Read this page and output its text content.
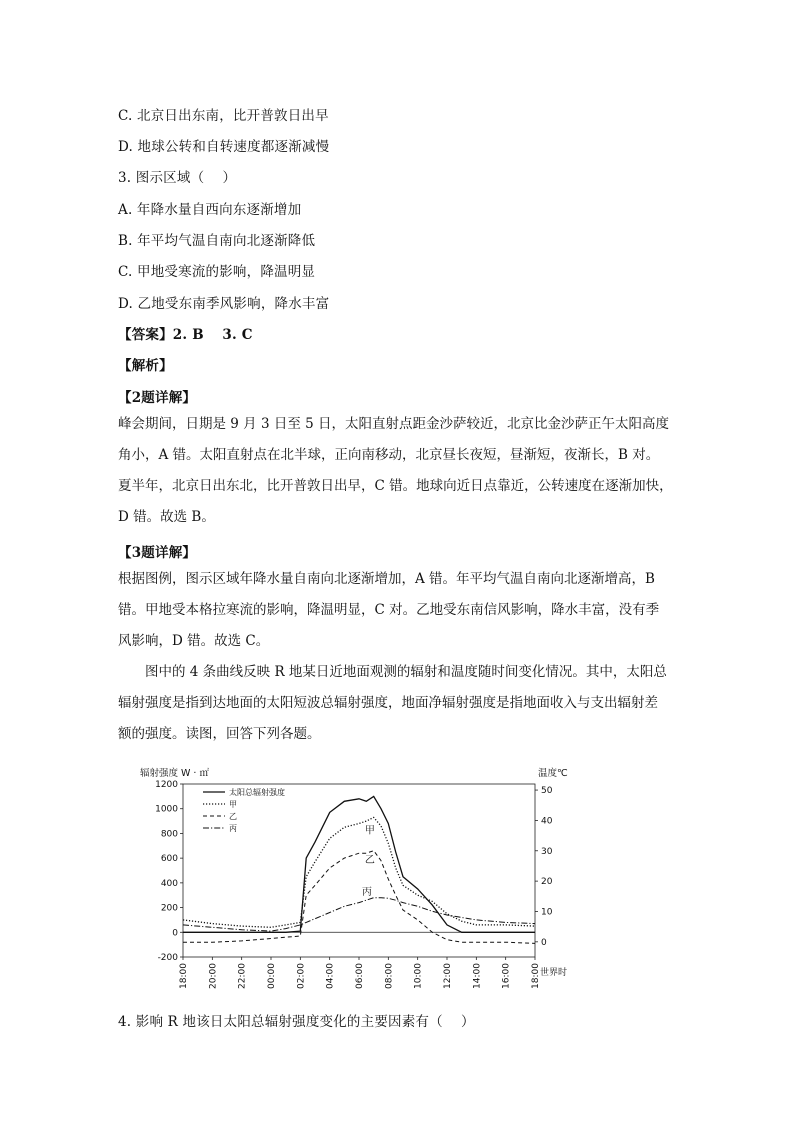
C. 北京日出东南，比开普敦日出早
D. 地球公转和自转速度都逐渐减慢
3. 图示区域（　 ）
A. 年降水量自西向东逐渐增加
B. 年平均气温自南向北逐渐降低
C. 甲地受寒流的影响，降温明显
D. 乙地受东南季风影响，降水丰富
【答案】2. B　 3. C
【解析】
【2题详解】
峰会期间，日期是 9 月 3 日至 5 日，太阳直射点距金沙萨较近，北京比金沙萨正午太阳高度
角小，A 错。太阳直射点在北半球，正向南移动，北京昼长夜短，昼渐短，夜渐长，B 对。
夏半年，北京日出东北，比开普敦日出早，C 错。地球向近日点靠近，公转速度在逐渐加快，
D 错。故选 B。
【3题详解】
根据图例，图示区域年降水量自南向北逐渐增加，A 错。年平均气温自南向北逐渐增高，B
错。甲地受本格拉寒流的影响，降温明显，C 对。乙地受东南信风影响，降水丰富，没有季
风影响，D 错。故选 C。
　　图中的 4 条曲线反映 R 地某日近地面观测的辐射和温度随时间变化情况。其中，太阳总
辐射强度是指到达地面的太阳短波总辐射强度，地面净辐射强度是指地面收入与支出辐射差
额的强度。读图，回答下列各题。
辐射强度 W · ㎡	温度℃
世界时
-200
0
200
400
600
800
1000
1200
0
10
20
30
40
50
18:00 20:00 22:00 00:00 02:00 04:00 06:00 08:00 10:00 12:00 14:00 16:00 18:00
甲
乙
丙
太阳总辐射强度
甲
乙
丙
4. 影响 R 地该日太阳总辐射强度变化的主要因素有（　 ）
